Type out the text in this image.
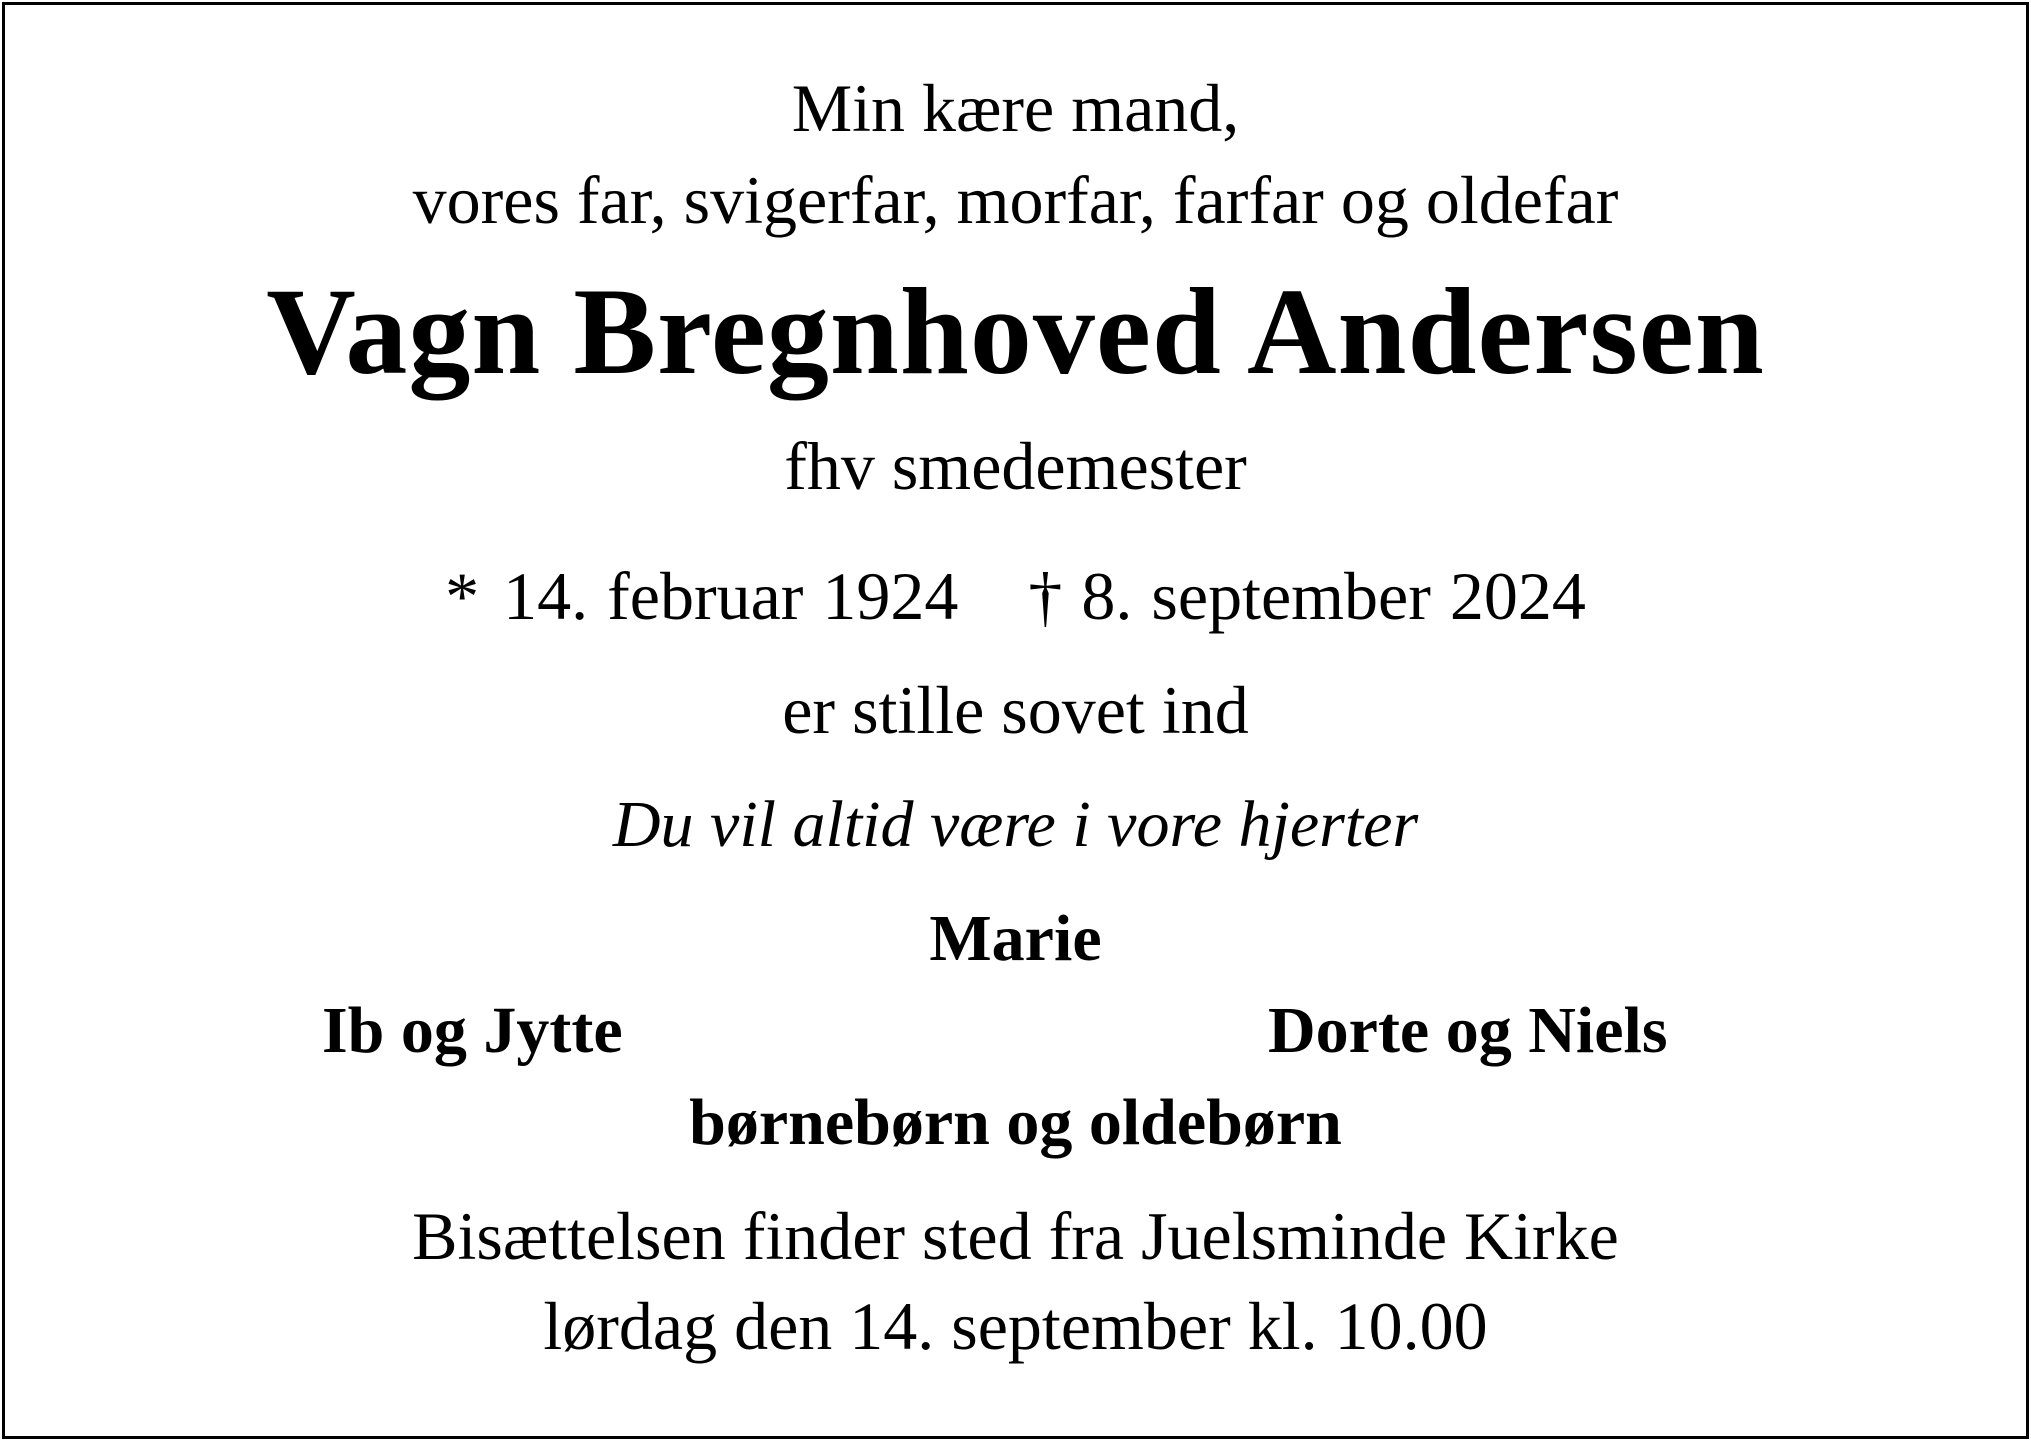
Min kære mand,
vores far, svigerfar, morfar, farfar og oldefar
Vagn Bregnhoved Andersen
fhv smedemester
* 14. februar 1924 † 8. september 2024
er stille sovet ind
Du vil altid være i vore hjerter
Marie
Ib og Jytte	Dorte og Niels
børnebørn og oldebørn
Bisættelsen finder sted fra Juelsminde Kirke
lørdag den 14. september kl. 10.00
